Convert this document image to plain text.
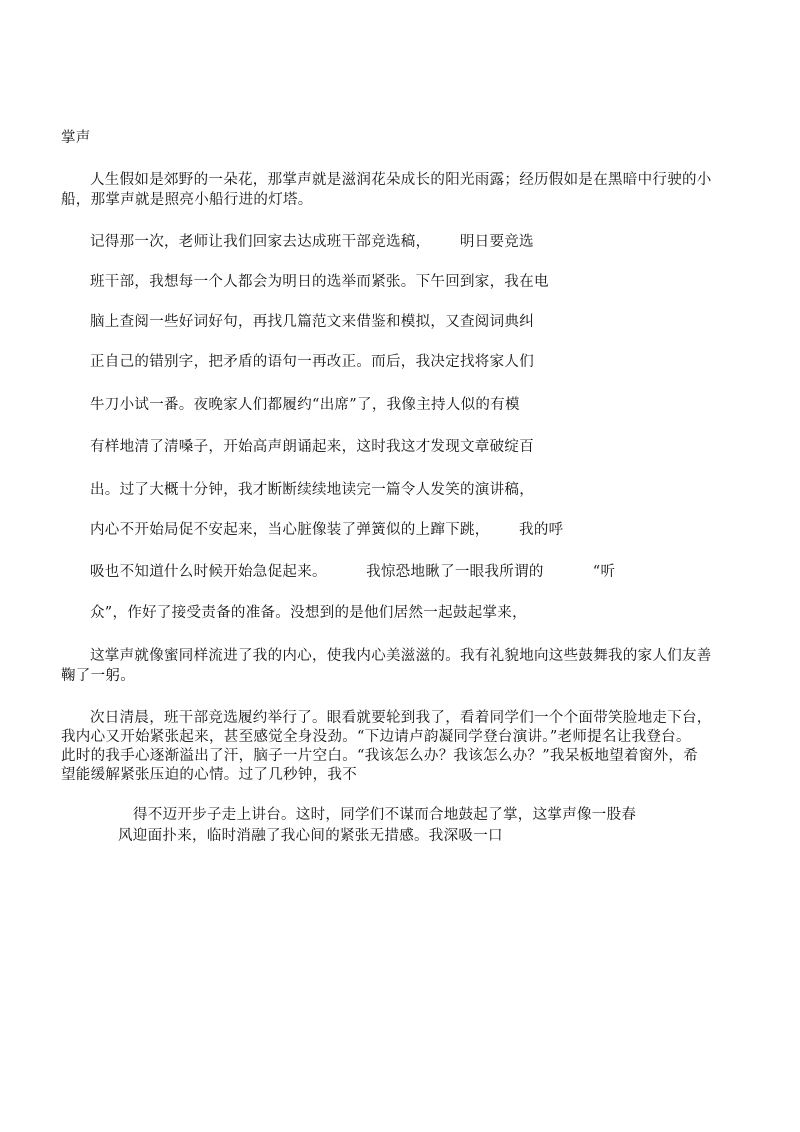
掌声
人生假如是郊野的一朵花，那掌声就是滋润花朵成长的阳光雨露；经历假如是在黑暗中行驶的小
船，那掌声就是照亮小船行进的灯塔。
记得那一次，老师让我们回家去达成班干部竞选稿，      明日要竞选
班干部，我想每一个人都会为明日的选举而紧张。下午回到家，我在电
脑上查阅一些好词好句，再找几篇范文来借鉴和模拟，又查阅词典纠
正自己的错别字，把矛盾的语句一再改正。而后，我决定找将家人们
牛刀小试一番。夜晚家人们都履约“出席”了，我像主持人似的有模
有样地清了清嗓子，开始高声朗诵起来，这时我这才发现文章破绽百
出。过了大概十分钟，我才断断续续地读完一篇令人发笑的演讲稿，
内心不开始局促不安起来，当心脏像装了弹簧似的上蹿下跳，      我的呼
吸也不知道什么时候开始急促起来。        我惊恐地瞅了一眼我所谓的          “听
众”，作好了接受责备的准备。没想到的是他们居然一起鼓起掌来，
这掌声就像蜜同样流进了我的内心，使我内心美滋滋的。我有礼貌地向这些鼓舞我的家人们友善
鞠了一躬。
次日清晨，班干部竞选履约举行了。眼看就要轮到我了，看着同学们一个个面带笑脸地走下台，
我内心又开始紧张起来，甚至感觉全身没劲。“下边请卢韵凝同学登台演讲。”老师提名让我登台。
此时的我手心逐渐溢出了汗，脑子一片空白。“我该怎么办？我该怎么办？”我呆板地望着窗外，希
望能缓解紧张压迫的心情。过了几秒钟，我不
得不迈开步子走上讲台。这时，同学们不谋而合地鼓起了掌，这掌声像一股春
风迎面扑来，临时消融了我心间的紧张无措感。我深吸一口
